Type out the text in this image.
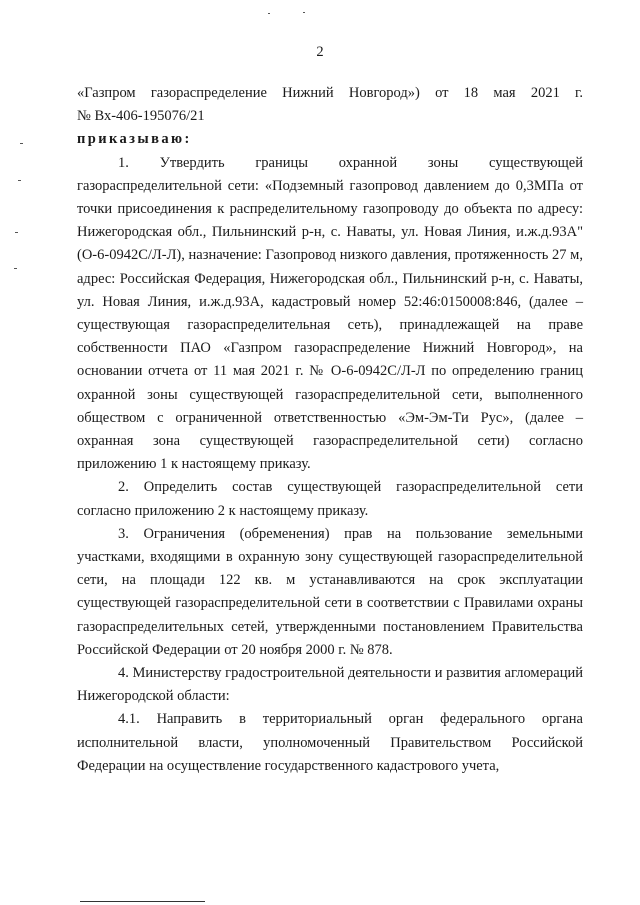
2

«Газпром газораспределение Нижний Новгород») от 18 мая 2021 г.

№ Вх-406-195076/21

приказываю:

1. Утвердить границы охранной зоны существующей газораспределительной сети: «Подземный газопровод давлением до 0,3МПа от точки присоединения к распределительному газопроводу до объекта по адресу: Нижегородская обл., Пильнинский р-н, с. Наваты, ул. Новая Линия, и.ж.д.93А" (О-6-0942С/Л-Л), назначение: Газопровод низкого давления, протяженность 27 м, адрес: Российская Федерация, Нижегородская обл., Пильнинский р-н, с. Наваты, ул. Новая Линия, и.ж.д.93А, кадастровый номер 52:46:0150008:846, (далее – существующая газораспределительная сеть), принадлежащей на праве собственности ПАО «Газпром газораспределение Нижний Новгород», на основании отчета от 11 мая 2021 г. № О-6-0942С/Л-Л по определению границ охранной зоны существующей газораспределительной сети, выполненного обществом с ограниченной ответственностью «Эм-Эм-Ти Рус», (далее – охранная зона существующей газораспределительной сети) согласно приложению 1 к настоящему приказу.

2. Определить состав существующей газораспределительной сети согласно приложению 2 к настоящему приказу.

3. Ограничения (обременения) прав на пользование земельными участками, входящими в охранную зону существующей газораспределительной сети, на площади 122 кв. м устанавливаются на срок эксплуатации существующей газораспределительной сети в соответствии с Правилами охраны газораспределительных сетей, утвержденными постановлением Правительства Российской Федерации от 20 ноября 2000 г. № 878.

4. Министерству градостроительной деятельности и развития агломераций Нижегородской области:

4.1. Направить в территориальный орган федерального органа исполнительной власти, уполномоченный Правительством Российской Федерации на осуществление государственного кадастрового учета,
